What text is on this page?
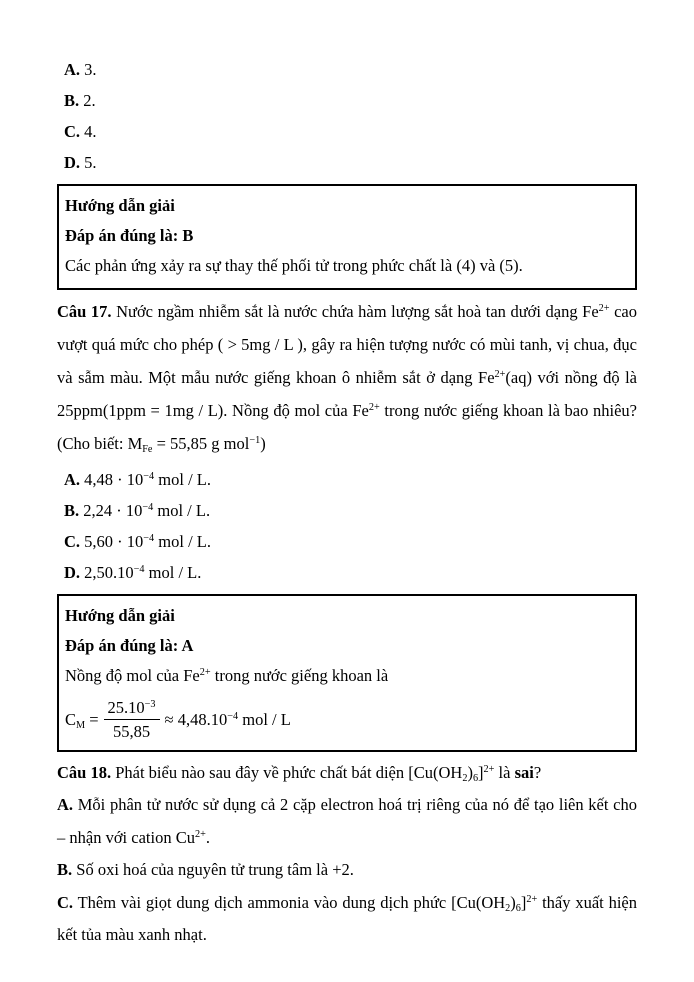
A. 3.

B. 2.

C. 4.

D. 5.

Hướng dẫn giải

Đáp án đúng là: B

Các phản ứng xảy ra sự thay thế phối tử trong phức chất là (4) và (5).

Câu 17. Nước ngầm nhiễm sắt là nước chứa hàm lượng sắt hoà tan dưới dạng $Fe^{2+}$ cao vượt quá mức cho phép ( > 5mg / L ), gây ra hiện tượng nước có mùi tanh, vị chua, đục và sẫm màu. Một mẫu nước giếng khoan ô nhiễm sắt ở dạng $Fe^{2+}(aq)$ với nồng độ là 25ppm(1ppm = 1mg / L). Nồng độ mol của $Fe^{2+}$ trong nước giếng khoan là bao nhiêu? (Cho biết: $M_{Fe} = 55,85$ g mol$^{-1}$)

A. $4,48 \cdot 10^{-4}$ mol / L.

B. $2,24 \cdot 10^{-4}$ mol / L.

C. $5,60 \cdot 10^{-4}$ mol / L.

D. $2,50.10^{-4}$ mol / L.

Hướng dẫn giải

Đáp án đúng là: A

Nồng độ mol của $Fe^{2+}$ trong nước giếng khoan là

$C_M = \frac{25.10^{-3}}{55,85} \approx 4,48.10^{-4}$ mol / L

Câu 18. Phát biểu nào sau đây về phức chất bát diện $[Cu(OH_2)_6]^{2+}$ là sai?

A. Mỗi phân tử nước sử dụng cả 2 cặp electron hoá trị riêng của nó để tạo liên kết cho – nhận với cation $Cu^{2+}$.

B. Số oxi hoá của nguyên tử trung tâm là +2.

C. Thêm vài giọt dung dịch ammonia vào dung dịch phức $[Cu(OH_2)_6]^{2+}$ thấy xuất hiện kết tủa màu xanh nhạt.
